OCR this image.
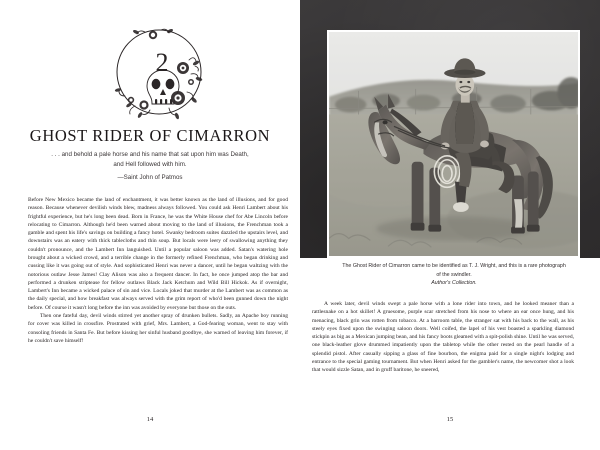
2
GHOST RIDER OF CIMARRON
. . . and behold a pale horse and his name that sat upon him was Death, and Hell followed with him.
—Saint John of Patmos

Before New Mexico became the land of enchantment, it was better known as the land of illusions, and for good reason. Because whenever devilish winds blew, madness always followed. You could ask Henri Lambert about his frightful experience, but he's long been dead. Born in France, he was the White House chef for Abe Lincoln before relocating to Cimarron. Although he'd been warned about moving to the land of illusions, the Frenchman took a gamble and spent his life's savings on building a fancy hotel. Swanky bedroom suites dazzled the upstairs level, and downstairs was an eatery with thick tablecloths and thin soup. But locals were leery of swallowing anything they couldn't pronounce, and the Lambert Inn languished. Until a popular saloon was added. Satan's watering hole brought about a wicked crowd, and a terrible change in the formerly refined Frenchman, who began drinking and cussing like it was going out of style. And sophisticated Henri was never a dancer, until he began waltzing with the notorious outlaw Jesse James! Clay Alison was also a frequent dancer. In fact, he once jumped atop the bar and performed a drunken striptease for fellow outlaws Black Jack Ketchum and Wild Bill Hickok. As if overnight, Lambert's Inn became a wicked palace of sin and vice. Locals joked that murder at the Lambert was as common as the daily special, and how breakfast was always served with the grim report of who'd been gunned down the night before. Of course it wasn't long before the inn was avoided by everyone but those on the outs.

Then one fateful day, devil winds stirred yet another spray of drunken bullets. Sadly, an Apache boy running for cover was killed in crossfire. Prostrated with grief, Mrs. Lambert, a God-fearing woman, went to stay with consoling friends in Santa Fe. But before kissing her sinful husband goodbye, she warned of leaving him forever, if he couldn't save himself!

14
The Ghost Rider of Cimarron came to be identified as T. J. Wright, and this is a rare photograph of the swindler.
Author's Collection.

A week later, devil winds swept a pale horse with a lone rider into town, and he looked meaner than a rattlesnake on a hot skillet! A gruesome, purple scar stretched from his nose to where an ear once hung, and his menacing, black grin was rotten from tobacco. At a barroom table, the stranger sat with his back to the wall, as his steely eyes fixed upon the swinging saloon doors. Well coifed, the lapel of his vest boasted a sparkling diamond stickpin as big as a Mexican jumping bean, and his fancy boots gleamed with a spit-polish shine. Until he was served, one black-leather glove drummed impatiently upon the tabletop while the other rested on the pearl handle of a splendid pistol. After casually sipping a glass of fine bourbon, the enigma paid for a single night's lodging and entrance to the special gaming tournament. But when Henri asked for the gambler's name, the newcomer shot a look that would sizzle Satan, and in gruff baritone, he sneered,

15
